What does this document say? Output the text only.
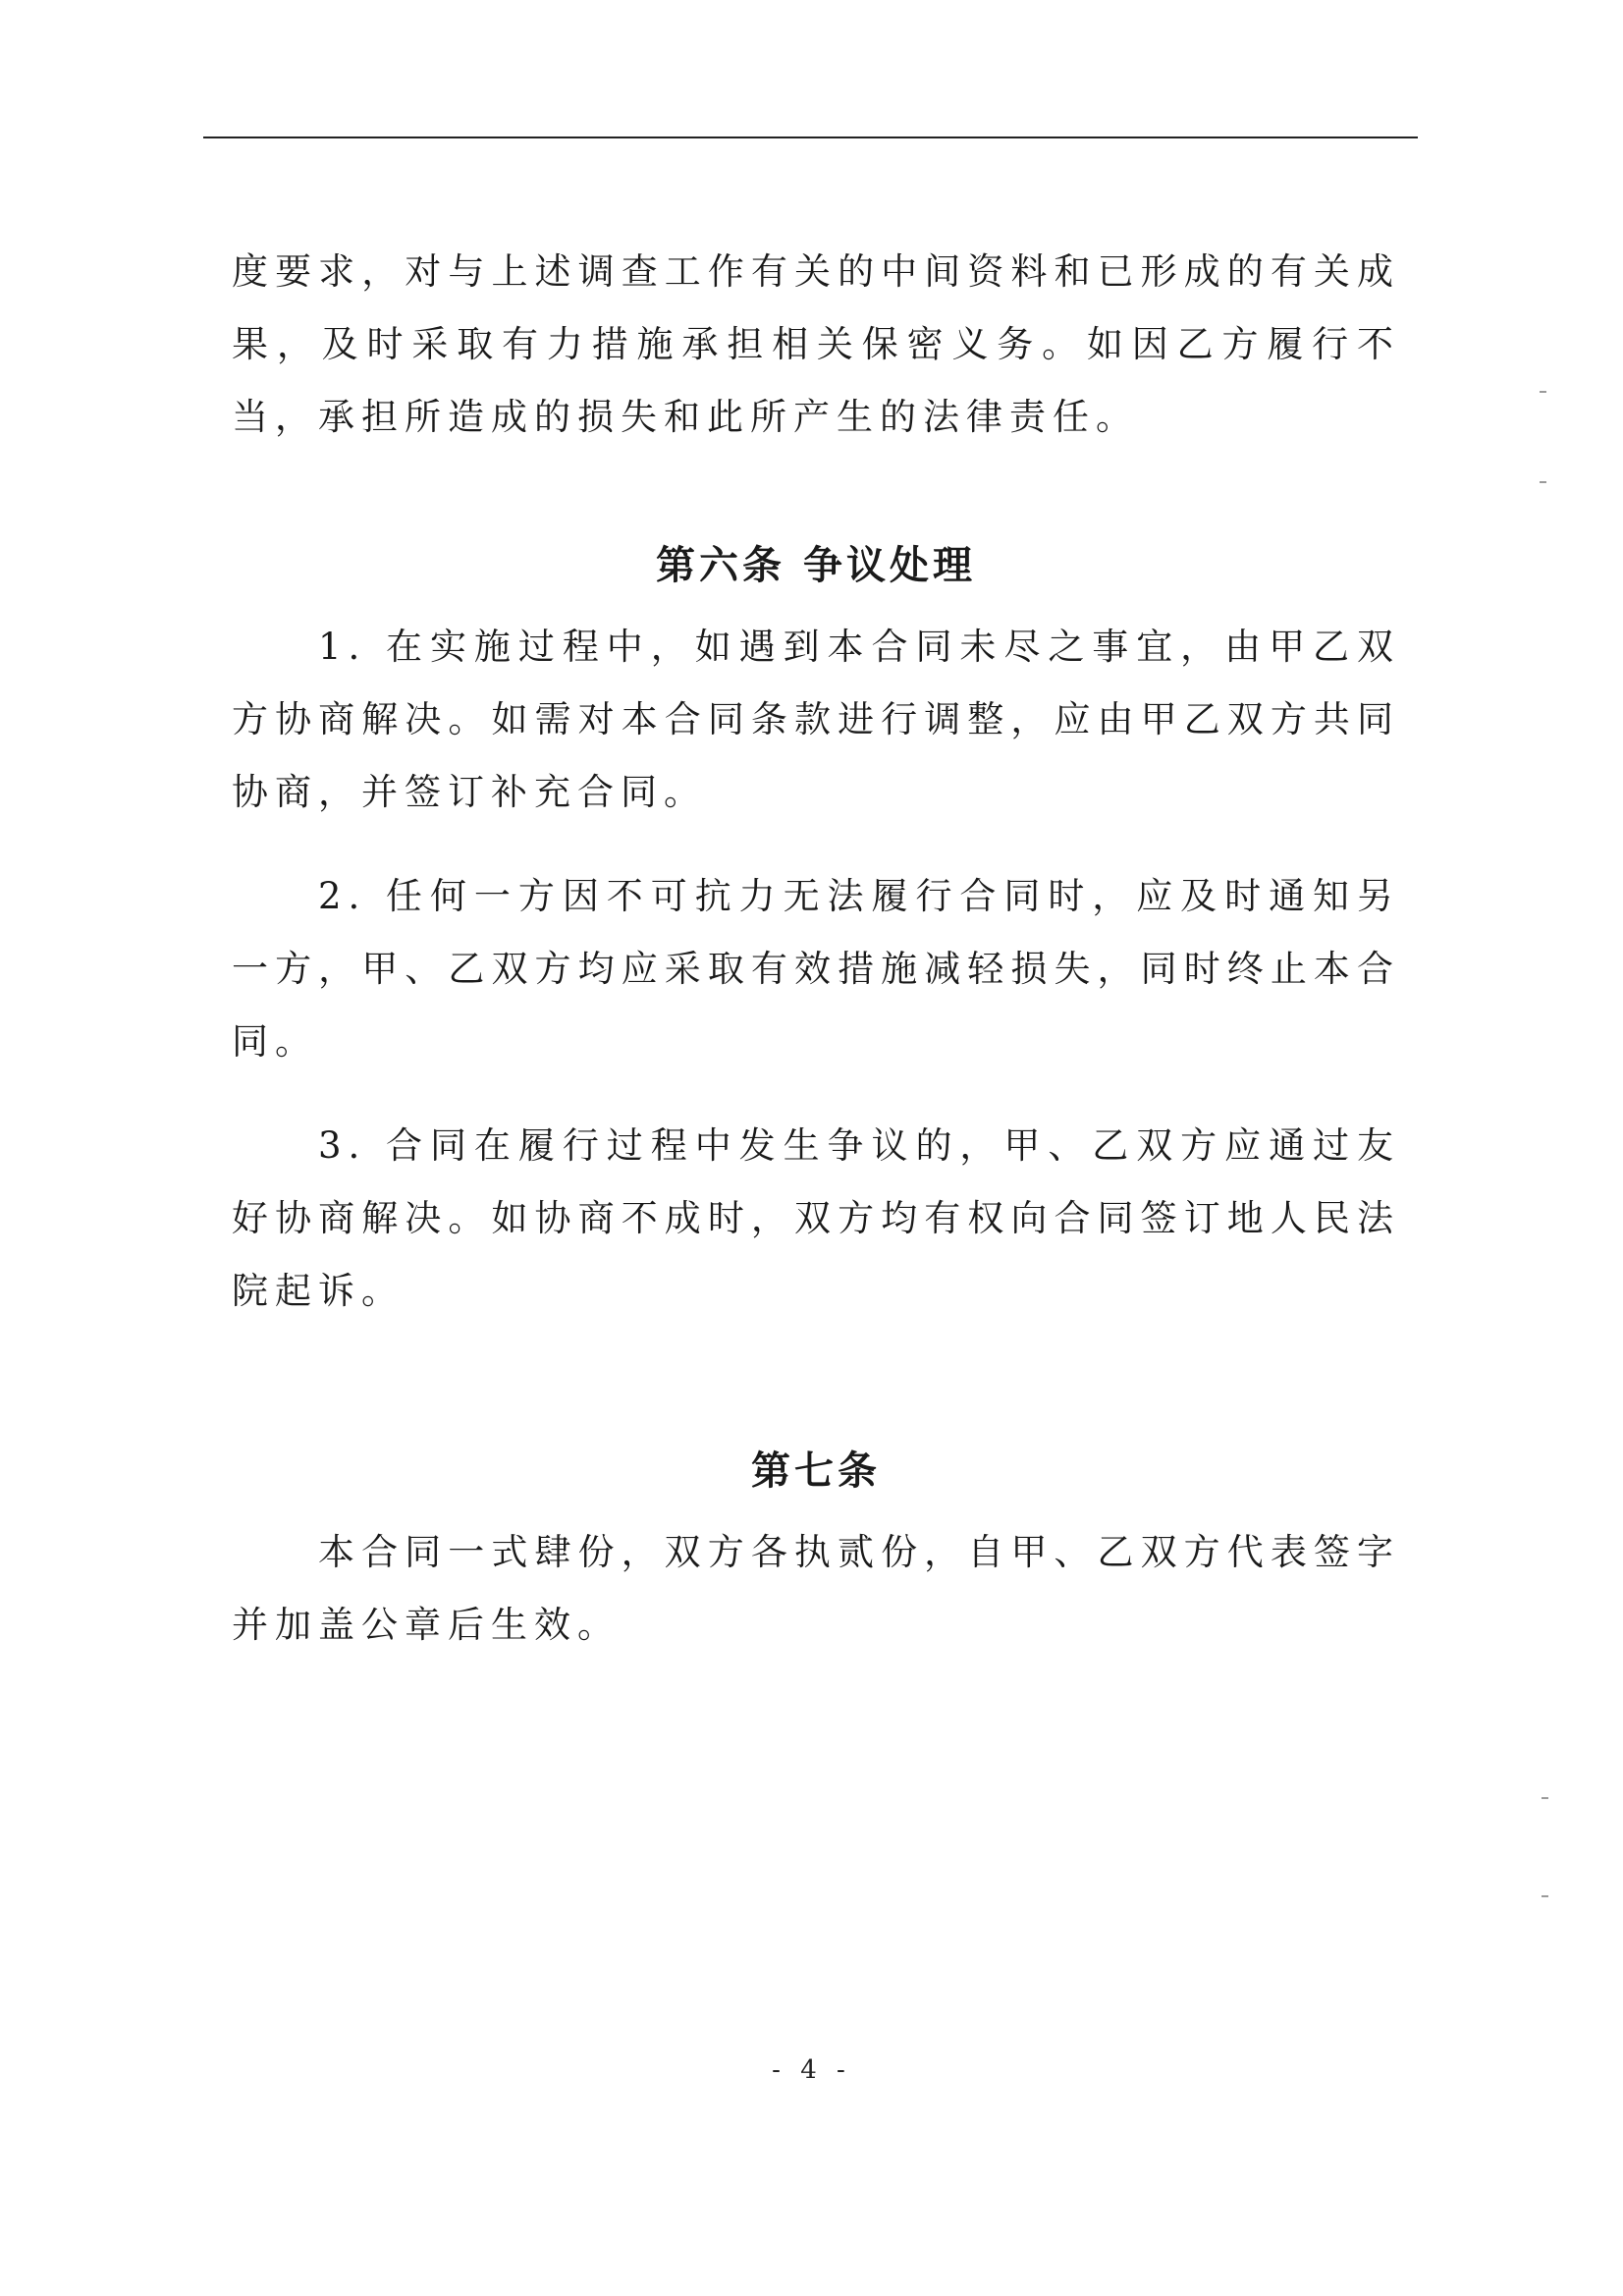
度要求，对与上述调查工作有关的中间资料和已形成的有关成果，及时采取有力措施承担相关保密义务。如因乙方履行不当，承担所造成的损失和此所产生的法律责任。

第六条 争议处理

1. 在实施过程中，如遇到本合同未尽之事宜，由甲乙双方协商解决。如需对本合同条款进行调整，应由甲乙双方共同协商，并签订补充合同。

2. 任何一方因不可抗力无法履行合同时，应及时通知另一方，甲、乙双方均应采取有效措施减轻损失，同时终止本合同。

3. 合同在履行过程中发生争议的，甲、乙双方应通过友好协商解决。如协商不成时，双方均有权向合同签订地人民法院起诉。

第七条

本合同一式肆份，双方各执贰份，自甲、乙双方代表签字并加盖公章后生效。

- 4 -
